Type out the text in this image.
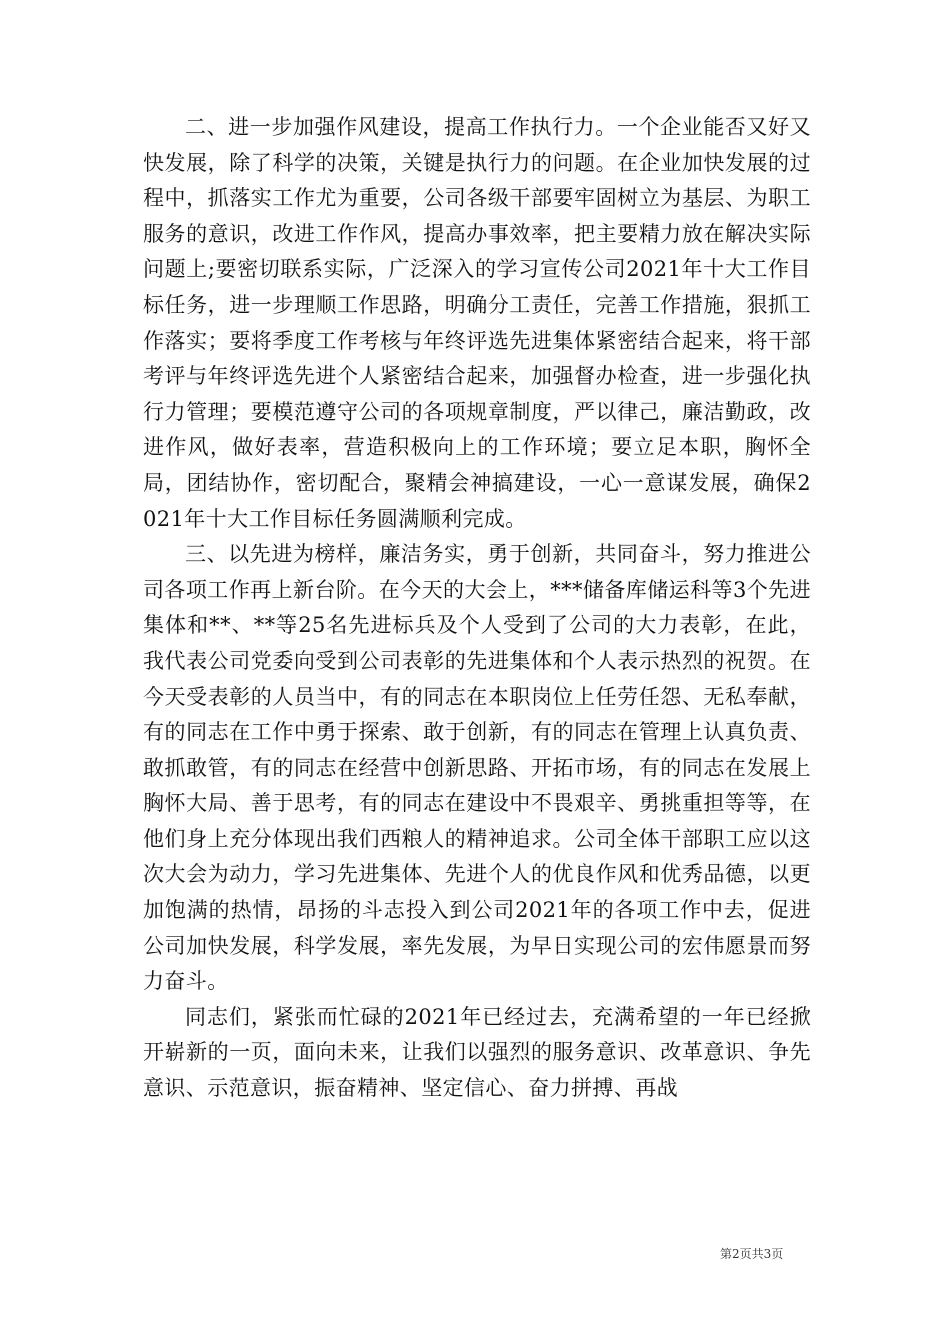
二、进一步加强作风建设，提高工作执行力。一个企业能否又好又快发展，除了科学的决策，关键是执行力的问题。在企业加快发展的过程中，抓落实工作尤为重要，公司各级干部要牢固树立为基层、为职工服务的意识，改进工作作风，提高办事效率，把主要精力放在解决实际问题上;要密切联系实际，广泛深入的学习宣传公司2021年十大工作目标任务，进一步理顺工作思路，明确分工责任，完善工作措施，狠抓工作落实；要将季度工作考核与年终评选先进集体紧密结合起来，将干部考评与年终评选先进个人紧密结合起来，加强督办检查，进一步强化执行力管理；要模范遵守公司的各项规章制度，严以律己，廉洁勤政，改进作风，做好表率，营造积极向上的工作环境；要立足本职，胸怀全局，团结协作，密切配合，聚精会神搞建设，一心一意谋发展，确保2021年十大工作目标任务圆满顺利完成。

三、以先进为榜样，廉洁务实，勇于创新，共同奋斗，努力推进公司各项工作再上新台阶。在今天的大会上，***储备库储运科等3个先进集体和**、**等25名先进标兵及个人受到了公司的大力表彰，在此，我代表公司党委向受到公司表彰的先进集体和个人表示热烈的祝贺。在今天受表彰的人员当中，有的同志在本职岗位上任劳任怨、无私奉献，有的同志在工作中勇于探索、敢于创新，有的同志在管理上认真负责、敢抓敢管，有的同志在经营中创新思路、开拓市场，有的同志在发展上胸怀大局、善于思考，有的同志在建设中不畏艰辛、勇挑重担等等，在他们身上充分体现出我们西粮人的精神追求。公司全体干部职工应以这次大会为动力，学习先进集体、先进个人的优良作风和优秀品德，以更加饱满的热情，昂扬的斗志投入到公司2021年的各项工作中去，促进公司加快发展，科学发展，率先发展，为早日实现公司的宏伟愿景而努力奋斗。

同志们，紧张而忙碌的2021年已经过去，充满希望的一年已经掀开崭新的一页，面向未来，让我们以强烈的服务意识、改革意识、争先意识、示范意识，振奋精神、坚定信心、奋力拼搏、再战

第2页共3页
